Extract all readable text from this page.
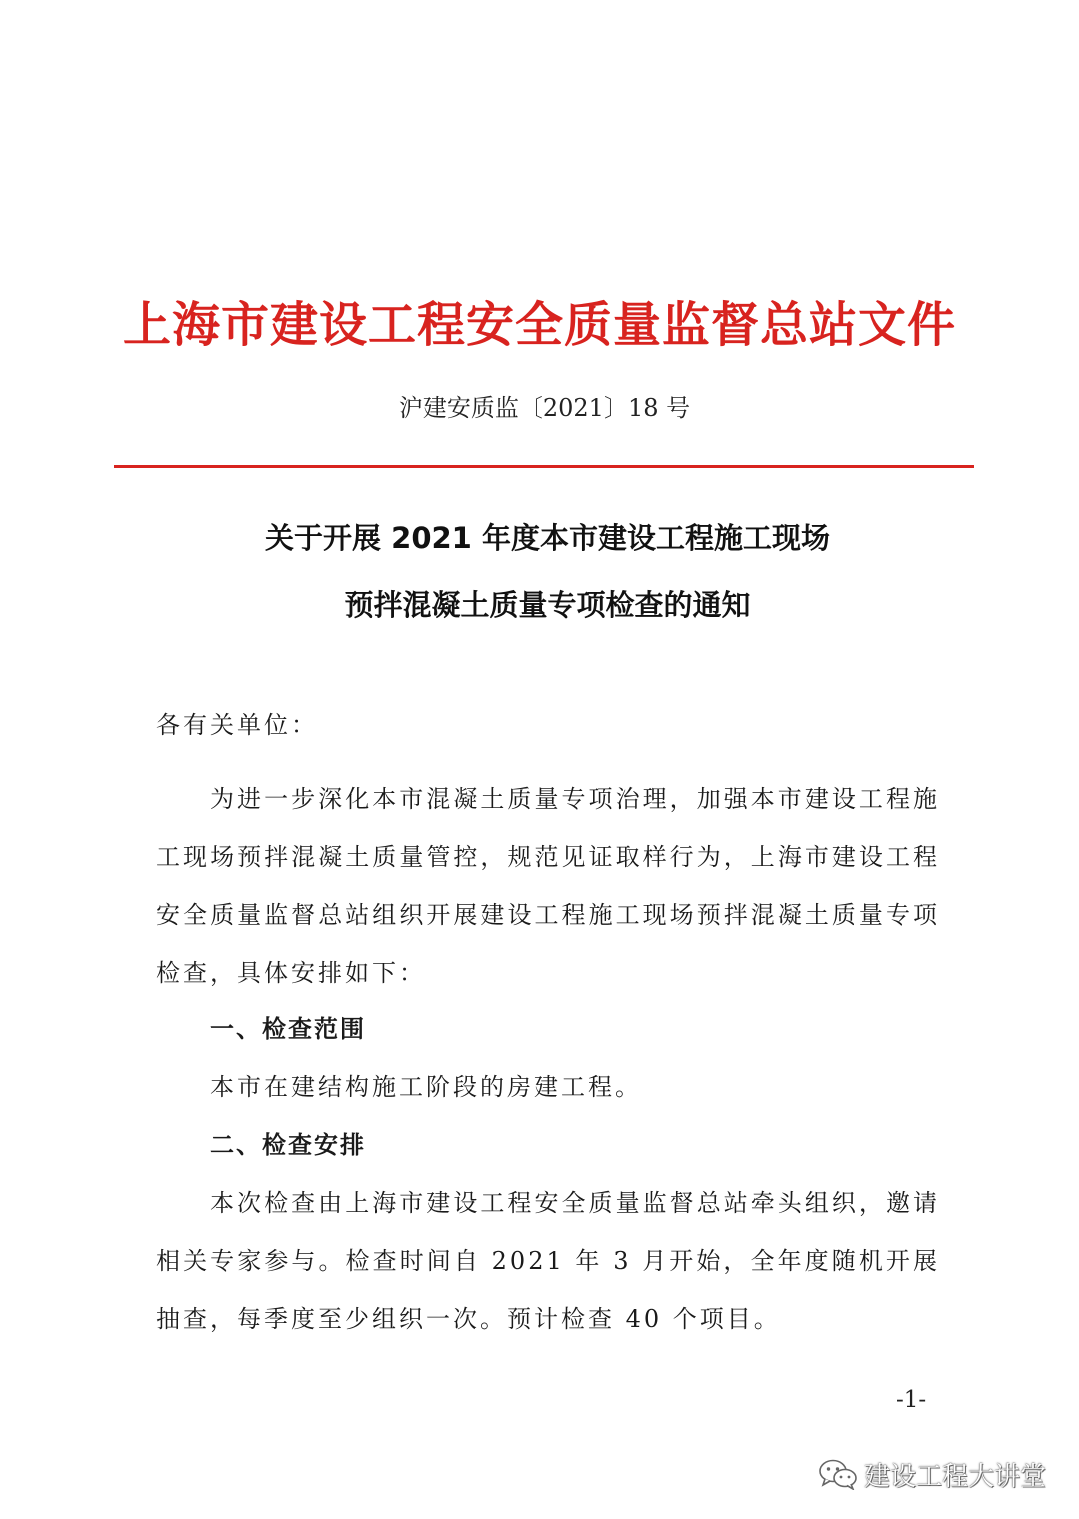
上海市建设工程安全质量监督总站文件
沪建安质监〔2021〕18 号
关于开展 2021 年度本市建设工程施工现场
预拌混凝土质量专项检查的通知
各有关单位：

为进一步深化本市混凝土质量专项治理，加强本市建设工程施工现场预拌混凝土质量管控，规范见证取样行为，上海市建设工程安全质量监督总站组织开展建设工程施工现场预拌混凝土质量专项检查，具体安排如下：

一、检查范围
本市在建结构施工阶段的房建工程。
二、检查安排

本次检查由上海市建设工程安全质量监督总站牵头组织，邀请相关专家参与。检查时间自 2021 年 3 月开始，全年度随机开展抽查，每季度至少组织一次。预计检查 40 个项目。

-1-
建设工程大讲堂
